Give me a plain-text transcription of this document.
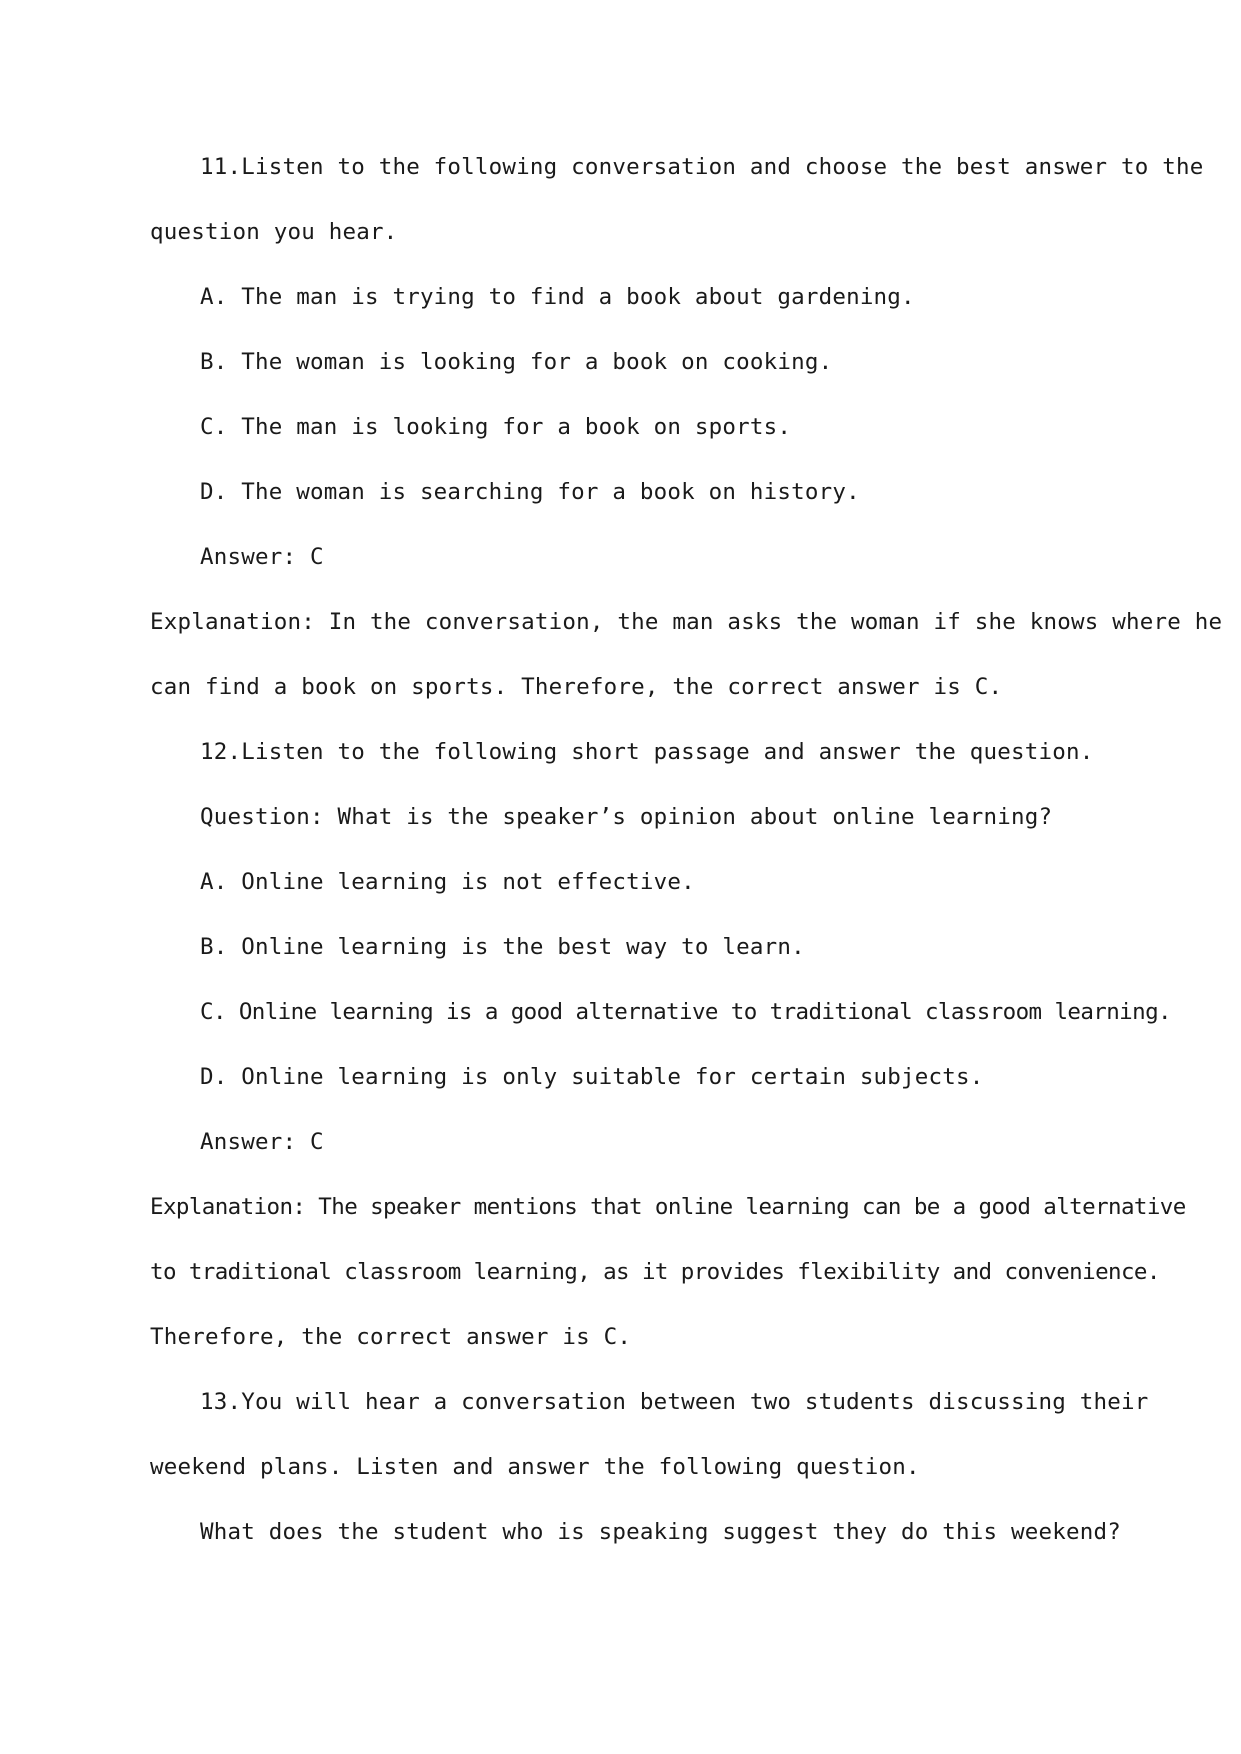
11.Listen to the following conversation and choose the best answer to the
question you hear.
A. The man is trying to find a book about gardening.
B. The woman is looking for a book on cooking.
C. The man is looking for a book on sports.
D. The woman is searching for a book on history.
Answer: C
Explanation: In the conversation, the man asks the woman if she knows where he
can find a book on sports. Therefore, the correct answer is C.
12.Listen to the following short passage and answer the question.
Question: What is the speaker’s opinion about online learning?
A. Online learning is not effective.
B. Online learning is the best way to learn.
C. Online learning is a good alternative to traditional classroom learning.
D. Online learning is only suitable for certain subjects.
Answer: C
Explanation: The speaker mentions that online learning can be a good alternative
to traditional classroom learning, as it provides flexibility and convenience.
Therefore, the correct answer is C.
13.You will hear a conversation between two students discussing their
weekend plans. Listen and answer the following question.
What does the student who is speaking suggest they do this weekend?
